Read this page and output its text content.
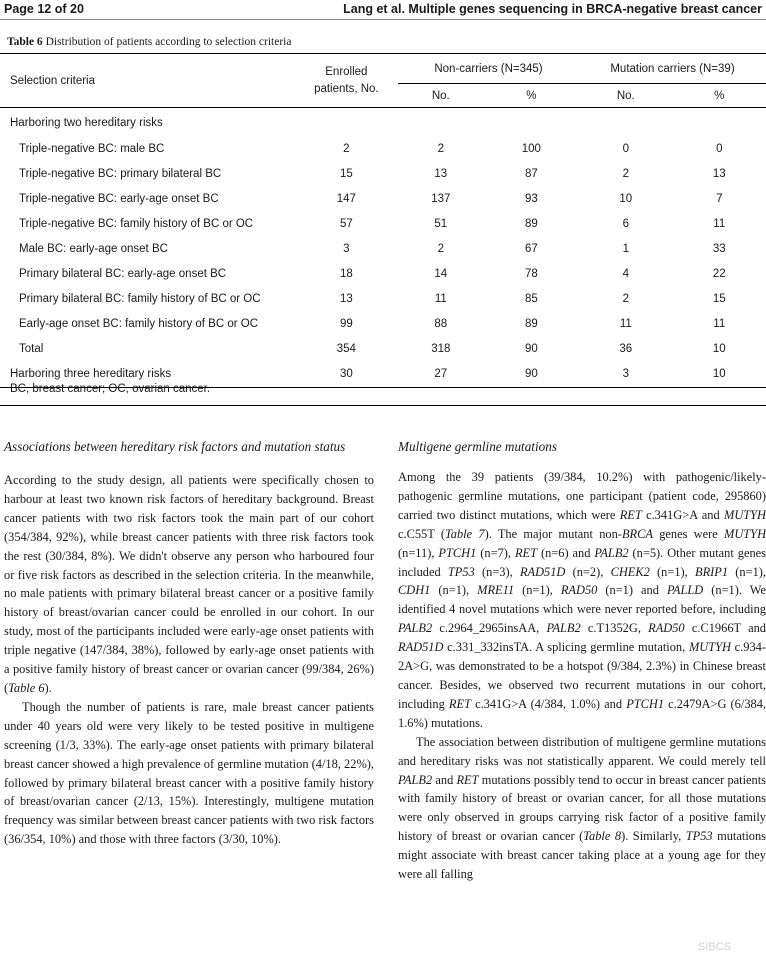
Page 12 of 20	Lang et al. Multiple genes sequencing in BRCA-negative breast cancer
Table 6 Distribution of patients according to selection criteria
Selection criteria	Enrolled patients, No.	Non-carriers (N=345)		Mutation carriers (N=39)	
		No.	%	No.	%
Harboring two hereditary risks					
Triple-negative BC: male BC	2	2	100	0	0
Triple-negative BC: primary bilateral BC	15	13	87	2	13
Triple-negative BC: early-age onset BC	147	137	93	10	7
Triple-negative BC: family history of BC or OC	57	51	89	6	11
Male BC: early-age onset BC	3	2	67	1	33
Primary bilateral BC: early-age onset BC	18	14	78	4	22
Primary bilateral BC: family history of BC or OC	13	11	85	2	15
Early-age onset BC: family history of BC or OC	99	88	89	11	11
Total	354	318	90	36	10
Harboring three hereditary risks	30	27	90	3	10
BC, breast cancer; OC, ovarian cancer.
Associations between hereditary risk factors and mutation status

According to the study design, all patients were specifically chosen to harbour at least two known risk factors of hereditary background. Breast cancer patients with two risk factors took the main part of our cohort (354/384, 92%), while breast cancer patients with three risk factors took the rest (30/384, 8%). We didn't observe any person who harboured four or five risk factors as described in the selection criteria. In the meanwhile, no male patients with primary bilateral breast cancer or a positive family history of breast/ovarian cancer could be enrolled in our cohort. In our study, most of the participants included were early-age onset patients with triple negative (147/384, 38%), followed by early-age onset patients with a positive family history of breast cancer or ovarian cancer (99/384, 26%) (Table 6).

Though the number of patients is rare, male breast cancer patients under 40 years old were very likely to be tested positive in multigene screening (1/3, 33%). The early-age onset patients with primary bilateral breast cancer showed a high prevalence of germline mutation (4/18, 22%), followed by primary bilateral breast cancer with a positive family history of breast/ovarian cancer (2/13, 15%). Interestingly, multigene mutation frequency was similar between breast cancer patients with two risk factors (36/354, 10%) and those with three factors (3/30, 10%).

Multigene germline mutations

Among the 39 patients (39/384, 10.2%) with pathogenic/likely-pathogenic germline mutations, one participant (patient code, 295860) carried two distinct mutations, which were RET c.341G>A and MUTYH c.C55T (Table 7). The major mutant non-BRCA genes were MUTYH (n=11), PTCH1 (n=7), RET (n=6) and PALB2 (n=5). Other mutant genes included TP53 (n=3), RAD51D (n=2), CHEK2 (n=1), BRIP1 (n=1), CDH1 (n=1), MRE11 (n=1), RAD50 (n=1) and PALLD (n=1). We identified 4 novel mutations which were never reported before, including PALB2 c.2964_2965insAA, PALB2 c.T1352G, RAD50 c.C1966T and RAD51D c.331_332insTA. A splicing germline mutation, MUTYH c.934-2A>G, was demonstrated to be a hotspot (9/384, 2.3%) in Chinese breast cancer. Besides, we observed two recurrent mutations in our cohort, including RET c.341G>A (4/384, 1.0%) and PTCH1 c.2479A>G (6/384, 1.6%) mutations.

The association between distribution of multigene germline mutations and hereditary risks was not statistically apparent. We could merely tell PALB2 and RET mutations possibly tend to occur in breast cancer patients with family history of breast or ovarian cancer, for all those mutations were only observed in groups carrying risk factor of a positive family history of breast or ovarian cancer (Table 8). Similarly, TP53 mutations might associate with breast cancer taking place at a young age for they were all falling

SIBCS
